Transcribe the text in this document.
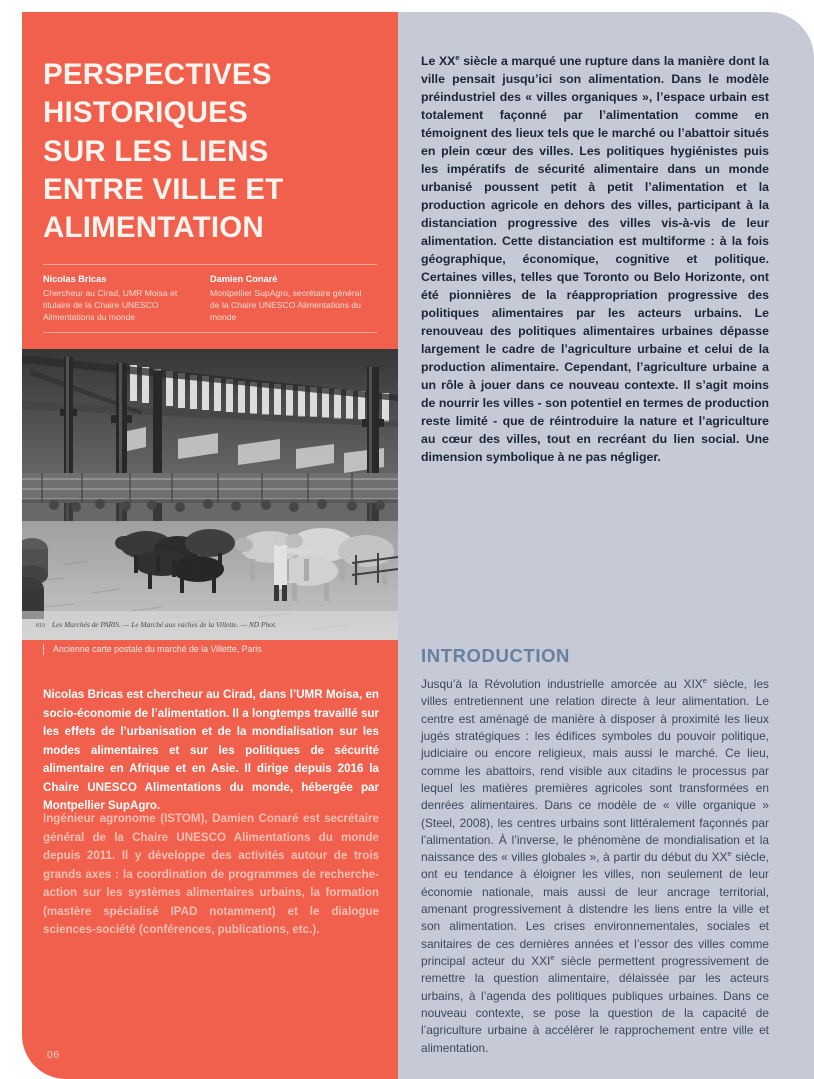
PERSPECTIVES
HISTORIQUES
SUR LES LIENS
ENTRE VILLE ET
ALIMENTATION
Nicolas Bricas
Chercheur au Cirad, UMR Moisa et titulaire de la Chaire UNESCO Alimentations du monde
Damien Conaré
Montpellier SupAgro, secrétaire général de la Chaire UNESCO Alimentations du monde
Les Marchés de PARIS. — Le Marché aux vaches de la Villette. — ND Phot.
819
Ancienne carte postale du marché de la Villette, Paris
Nicolas Bricas est chercheur au Cirad, dans l’UMR Moisa, en socio-économie de l’alimentation. Il a longtemps travaillé sur les effets de l’urbanisation et de la mondialisation sur les modes alimentaires et sur les politiques de sécurité alimentaire en Afrique et en Asie. Il dirige depuis 2016 la Chaire UNESCO Alimentations du monde, hébergée par Montpellier SupAgro.
Ingénieur agronome (ISTOM), Damien Conaré est secrétaire général de la Chaire UNESCO Alimentations du monde depuis 2011. Il y développe des activités autour de trois grands axes : la coordination de programmes de recherche-action sur les systèmes alimentaires urbains, la formation (mastère spécialisé IPAD notamment) et le dialogue sciences-société (conférences, publications, etc.).
06
Le XXe siècle a marqué une rupture dans la manière dont la ville pensait jusqu’ici son alimentation. Dans le modèle préindustriel des « villes organiques », l’espace urbain est totalement façonné par l’alimentation comme en témoignent des lieux tels que le marché ou l’abattoir situés en plein cœur des villes. Les politiques hygiénistes puis les impératifs de sécurité alimentaire dans un monde urbanisé poussent petit à petit l’alimentation et la production agricole en dehors des villes, participant à la distanciation progressive des villes vis-à-vis de leur alimentation. Cette distanciation est multiforme : à la fois géographique, économique, cognitive et politique. Certaines villes, telles que Toronto ou Belo Horizonte, ont été pionnières de la réappropriation progressive des politiques alimentaires par les acteurs urbains. Le renouveau des politiques alimentaires urbaines dépasse largement le cadre de l’agriculture urbaine et celui de la production alimentaire. Cependant, l’agriculture urbaine a un rôle à jouer dans ce nouveau contexte. Il s’agit moins de nourrir les villes - son potentiel en termes de production reste limité - que de réintroduire la nature et l’agriculture au cœur des villes, tout en recréant du lien social. Une dimension symbolique à ne pas négliger.
INTRODUCTION
Jusqu’à la Révolution industrielle amorcée au XIXe siècle, les villes entretiennent une relation directe à leur alimentation. Le centre est aménagé de manière à disposer à proximité les lieux jugés stratégiques : les édifices symboles du pouvoir politique, judiciaire ou encore religieux, mais aussi le marché. Ce lieu, comme les abattoirs, rend visible aux citadins le processus par lequel les matières premières agricoles sont transformées en denrées alimentaires. Dans ce modèle de « ville organique » (Steel, 2008), les centres urbains sont littéralement façonnés par l’alimentation. À l’inverse, le phénomène de mondialisation et la naissance des « villes globales », à partir du début du XXe siècle, ont eu tendance à éloigner les villes, non seulement de leur économie nationale, mais aussi de leur ancrage territorial, amenant progressivement à distendre les liens entre la ville et son alimentation. Les crises environnementales, sociales et sanitaires de ces dernières années et l’essor des villes comme principal acteur du XXIe siècle permettent progressivement de remettre la question alimentaire, délaissée par les acteurs urbains, à l’agenda des politiques publiques urbaines. Dans ce nouveau contexte, se pose la question de la capacité de l’agriculture urbaine à accélérer le rapprochement entre ville et alimentation.
